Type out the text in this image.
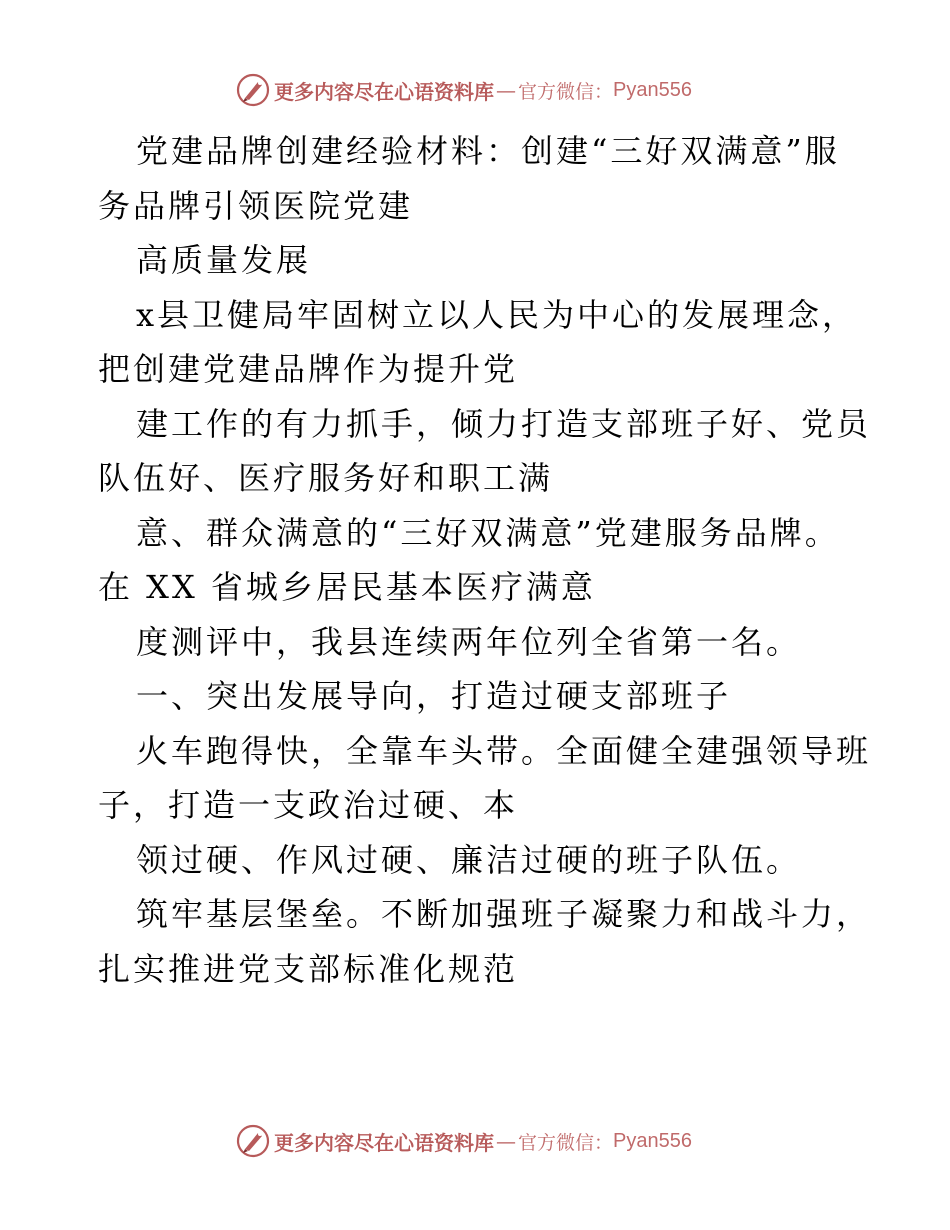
更多内容尽在心语资料库 — 官方微信： Pyan556
党建品牌创建经验材料：创建“三好双满意”服
务品牌引领医院党建
高质量发展
x县卫健局牢固树立以人民为中心的发展理念，
把创建党建品牌作为提升党
建工作的有力抓手，倾力打造支部班子好、党员
队伍好、医疗服务好和职工满
意、群众满意的“三好双满意”党建服务品牌。
在 XX 省城乡居民基本医疗满意
度测评中，我县连续两年位列全省第一名。
一、突出发展导向，打造过硬支部班子
火车跑得快，全靠车头带。全面健全建强领导班
子，打造一支政治过硬、本
领过硬、作风过硬、廉洁过硬的班子队伍。
筑牢基层堡垒。不断加强班子凝聚力和战斗力，
扎实推进党支部标准化规范
更多内容尽在心语资料库 — 官方微信： Pyan556
